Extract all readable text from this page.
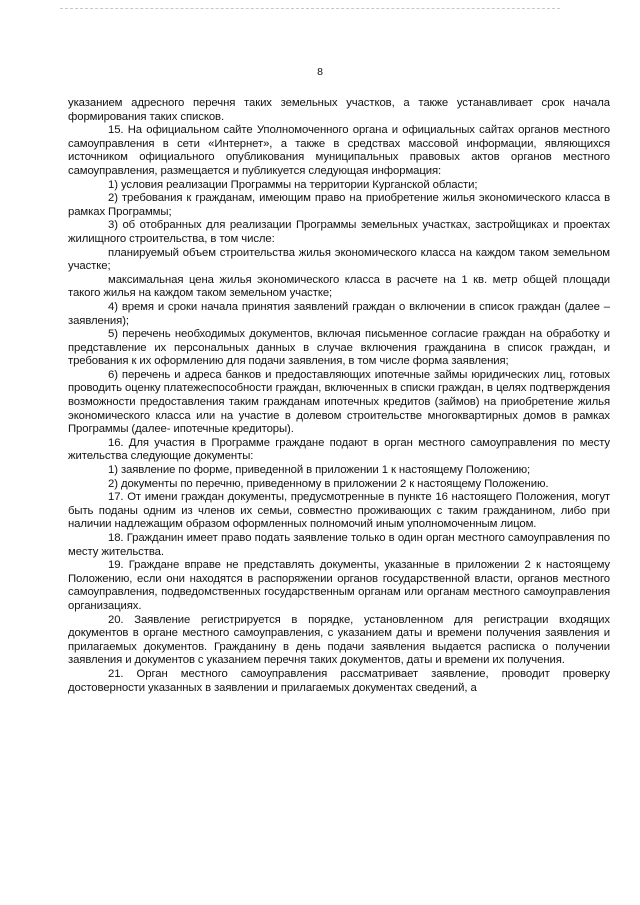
8

указанием адресного перечня таких земельных участков, а также устанавливает срок начала формирования таких списков.

15. На официальном сайте Уполномоченного органа и официальных сайтах органов местного самоуправления в сети «Интернет», а также в средствах массовой информации, являющихся источником официального опубликования муниципальных правовых актов органов местного самоуправления, размещается и публикуется следующая информация:

1) условия реализации Программы на территории Курганской области;

2) требования к гражданам, имеющим право на приобретение жилья экономического класса в рамках Программы;

3) об отобранных для реализации Программы земельных участках, застройщиках и проектах жилищного строительства, в том числе:

планируемый объем строительства жилья экономического класса на каждом таком земельном участке;

максимальная цена жилья экономического класса в расчете на 1 кв. метр общей площади такого жилья на каждом таком земельном участке;

4) время и сроки начала принятия заявлений граждан о включении в список граждан (далее – заявления);

5) перечень необходимых документов, включая письменное согласие граждан на обработку и представление их персональных данных в случае включения гражданина в список граждан, и требования к их оформлению для подачи заявления, в том числе форма заявления;

6) перечень и адреса банков и предоставляющих ипотечные займы юридических лиц, готовых проводить оценку платежеспособности граждан, включенных в списки граждан, в целях подтверждения возможности предоставления таким гражданам ипотечных кредитов (займов) на приобретение жилья экономического класса или на участие в долевом строительстве многоквартирных домов в рамках Программы (далее- ипотечные кредиторы).

16. Для участия в Программе граждане подают в орган местного самоуправления по месту жительства следующие документы:

1) заявление по форме, приведенной в приложении 1 к настоящему Положению;

2) документы по перечню, приведенному в приложении 2 к настоящему Положению.

17. От имени граждан документы, предусмотренные в пункте 16 настоящего Положения, могут быть поданы одним из членов их семьи, совместно проживающих с таким гражданином, либо при наличии надлежащим образом оформленных полномочий иным уполномоченным лицом.

18. Гражданин имеет право подать заявление только в один орган местного самоуправления по месту жительства.

19. Граждане вправе не представлять документы, указанные в приложении 2 к настоящему Положению, если они находятся в распоряжении органов государственной власти, органов местного самоуправления, подведомственных государственным органам или органам местного самоуправления организациях.

20. Заявление регистрируется в порядке, установленном для регистрации входящих документов в органе местного самоуправления, с указанием даты и времени получения заявления и прилагаемых документов. Гражданину в день подачи заявления выдается расписка о получении заявления и документов с указанием перечня таких документов, даты и времени их получения.

21. Орган местного самоуправления рассматривает заявление, проводит проверку достоверности указанных в заявлении и прилагаемых документах сведений, а
